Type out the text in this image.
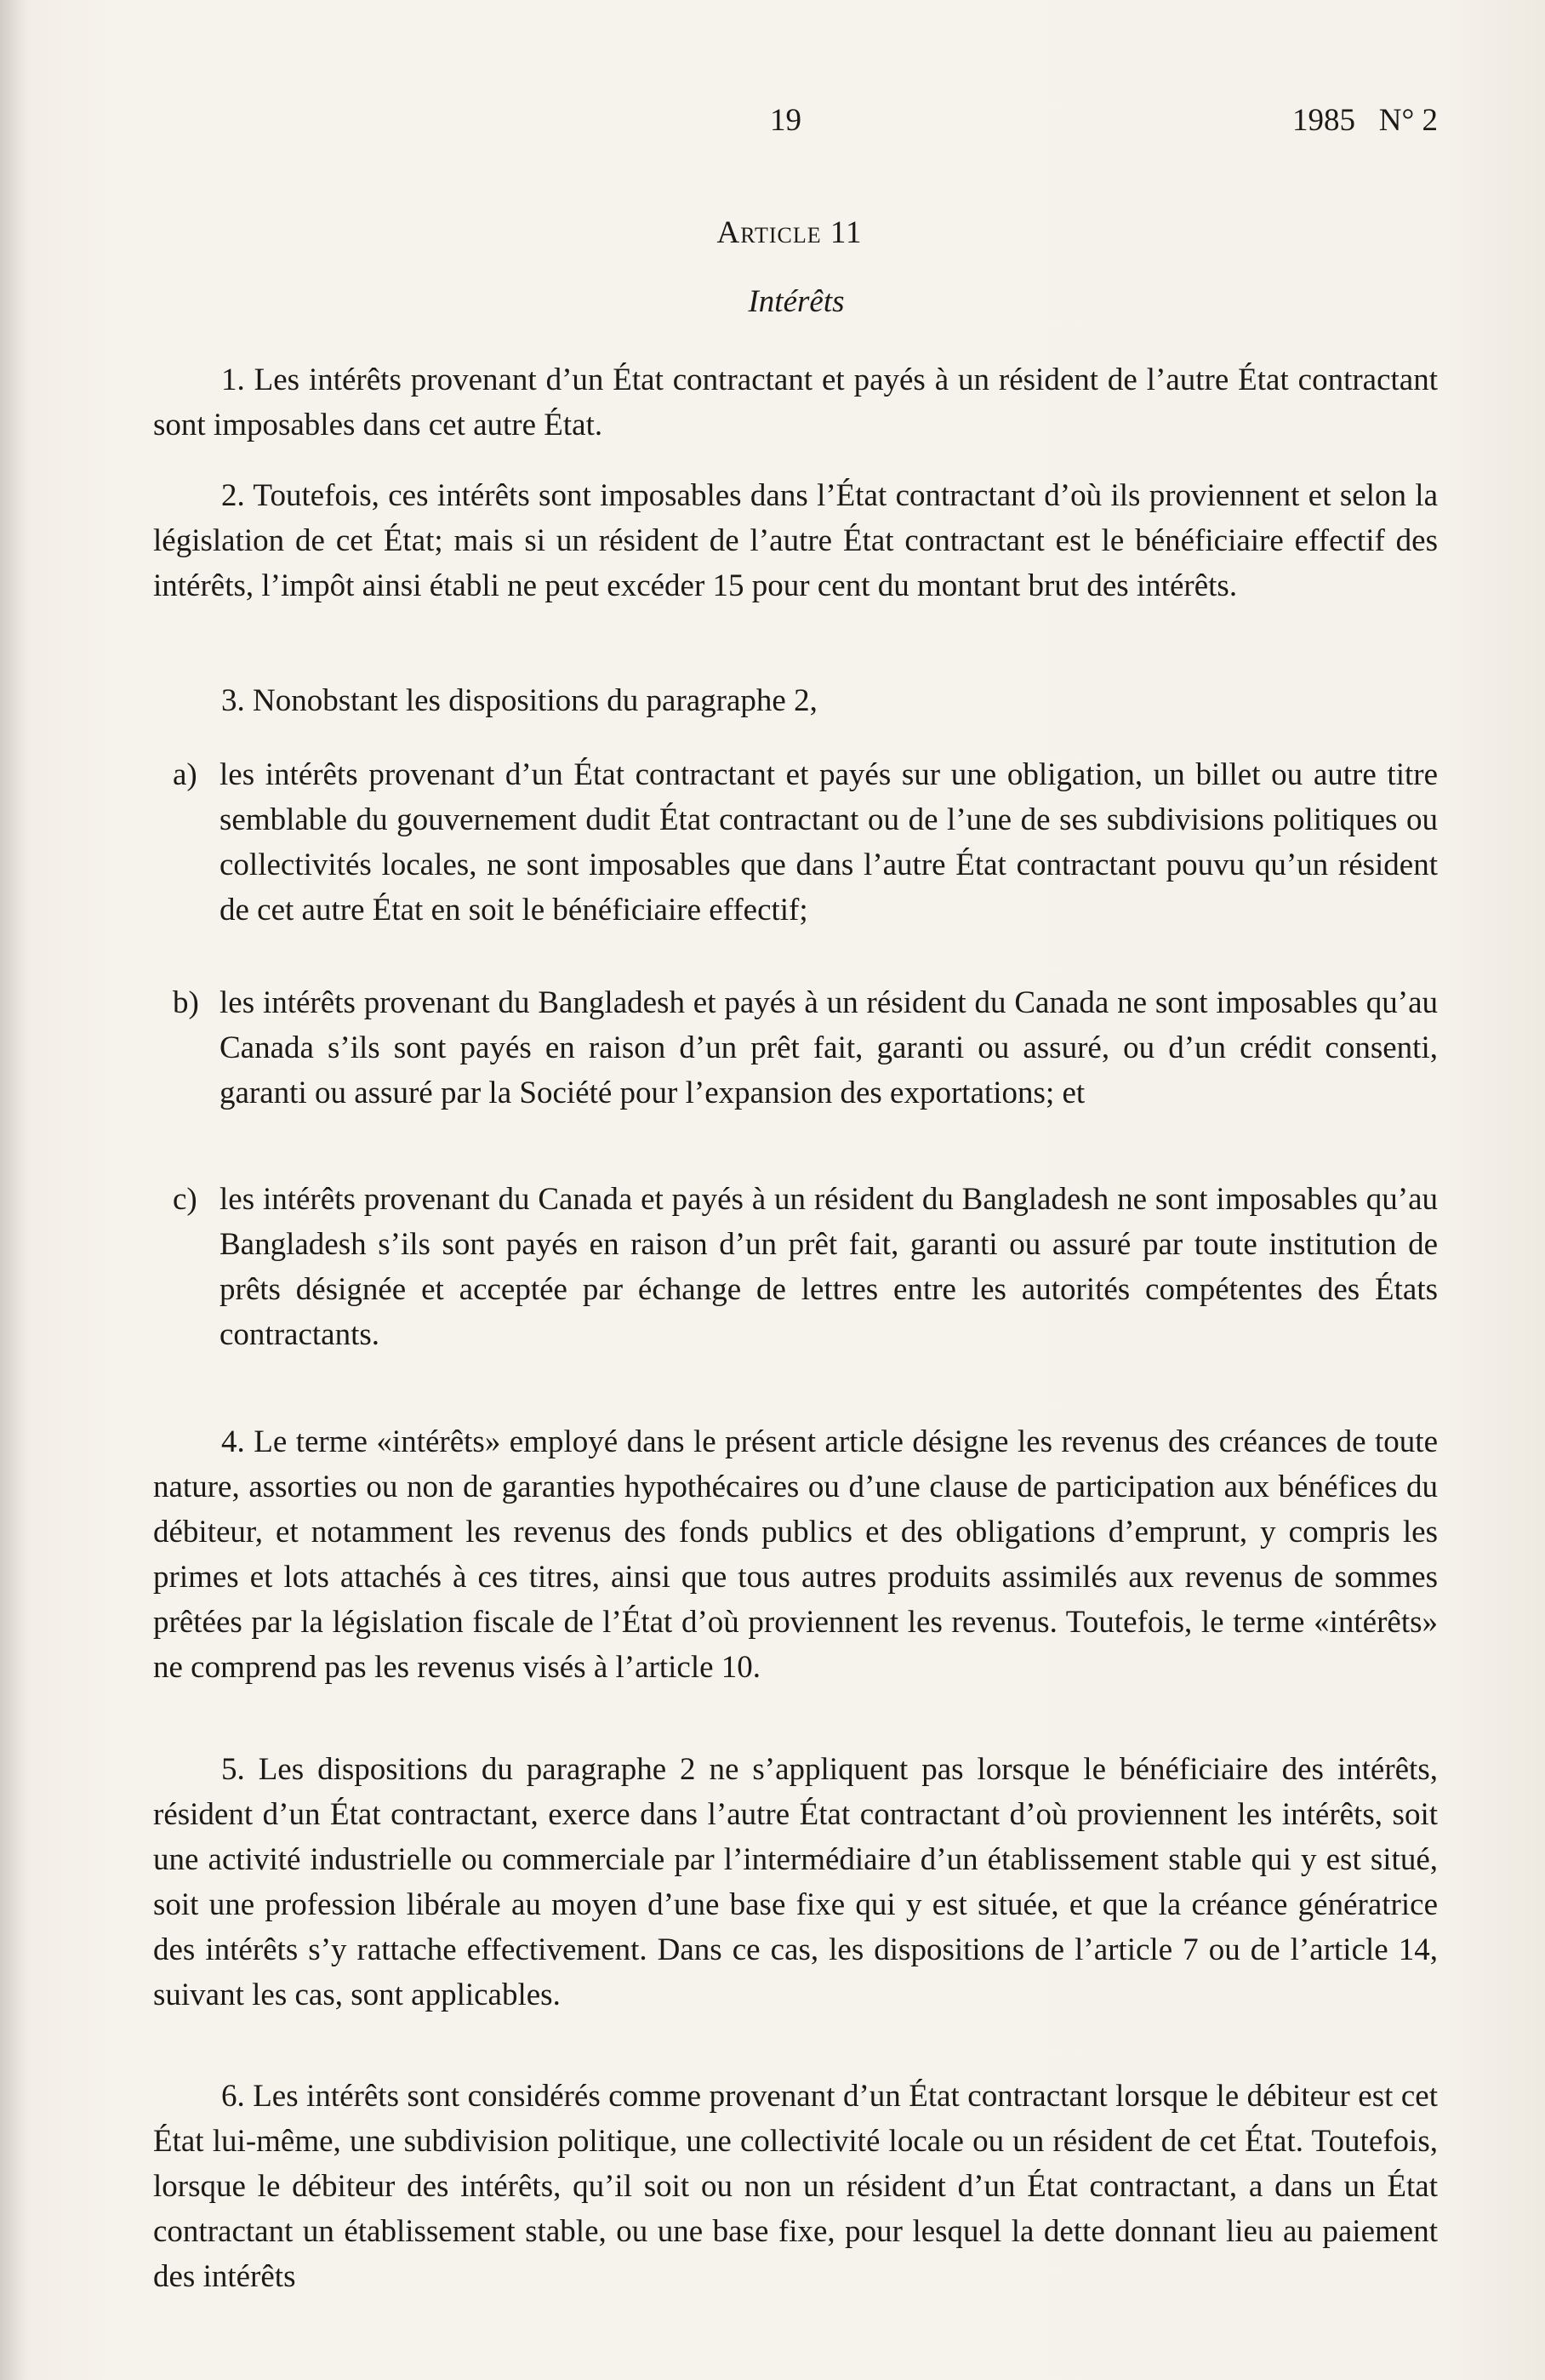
19	1985   N° 2
Article 11
Intérêts

1. Les intérêts provenant d’un État contractant et payés à un résident de l’autre État contractant sont imposables dans cet autre État.

2. Toutefois, ces intérêts sont imposables dans l’État contractant d’où ils proviennent et selon la législation de cet État; mais si un résident de l’autre État contractant est le bénéficiaire effectif des intérêts, l’impôt ainsi établi ne peut excéder 15 pour cent du montant brut des intérêts.

3. Nonobstant les dispositions du paragraphe 2,

a) les intérêts provenant d’un État contractant et payés sur une obligation, un billet ou autre titre semblable du gouvernement dudit État contractant ou de l’une de ses subdivisions politiques ou collectivités locales, ne sont imposables que dans l’autre État contractant pouvu qu’un résident de cet autre État en soit le bénéficiaire effectif;

b) les intérêts provenant du Bangladesh et payés à un résident du Canada ne sont imposables qu’au Canada s’ils sont payés en raison d’un prêt fait, garanti ou assuré, ou d’un crédit consenti, garanti ou assuré par la Société pour l’expansion des exportations; et

c) les intérêts provenant du Canada et payés à un résident du Bangladesh ne sont imposables qu’au Bangladesh s’ils sont payés en raison d’un prêt fait, garanti ou assuré par toute institution de prêts désignée et acceptée par échange de lettres entre les autorités compétentes des États contractants.

4. Le terme «intérêts» employé dans le présent article désigne les revenus des créances de toute nature, assorties ou non de garanties hypothécaires ou d’une clause de participation aux bénéfices du débiteur, et notamment les revenus des fonds publics et des obligations d’emprunt, y compris les primes et lots attachés à ces titres, ainsi que tous autres produits assimilés aux revenus de sommes prêtées par la législation fiscale de l’État d’où proviennent les revenus. Toutefois, le terme «intérêts» ne comprend pas les revenus visés à l’article 10.

5. Les dispositions du paragraphe 2 ne s’appliquent pas lorsque le bénéficiaire des intérêts, résident d’un État contractant, exerce dans l’autre État contractant d’où proviennent les intérêts, soit une activité industrielle ou commerciale par l’intermédiaire d’un établissement stable qui y est situé, soit une profession libérale au moyen d’une base fixe qui y est située, et que la créance génératrice des intérêts s’y rattache effectivement. Dans ce cas, les dispositions de l’article 7 ou de l’article 14, suivant les cas, sont applicables.

6. Les intérêts sont considérés comme provenant d’un État contractant lorsque le débiteur est cet État lui-même, une subdivision politique, une collectivité locale ou un résident de cet État. Toutefois, lorsque le débiteur des intérêts, qu’il soit ou non un résident d’un État contractant, a dans un État contractant un établissement stable, ou une base fixe, pour lesquel la dette donnant lieu au paiement des intérêts
